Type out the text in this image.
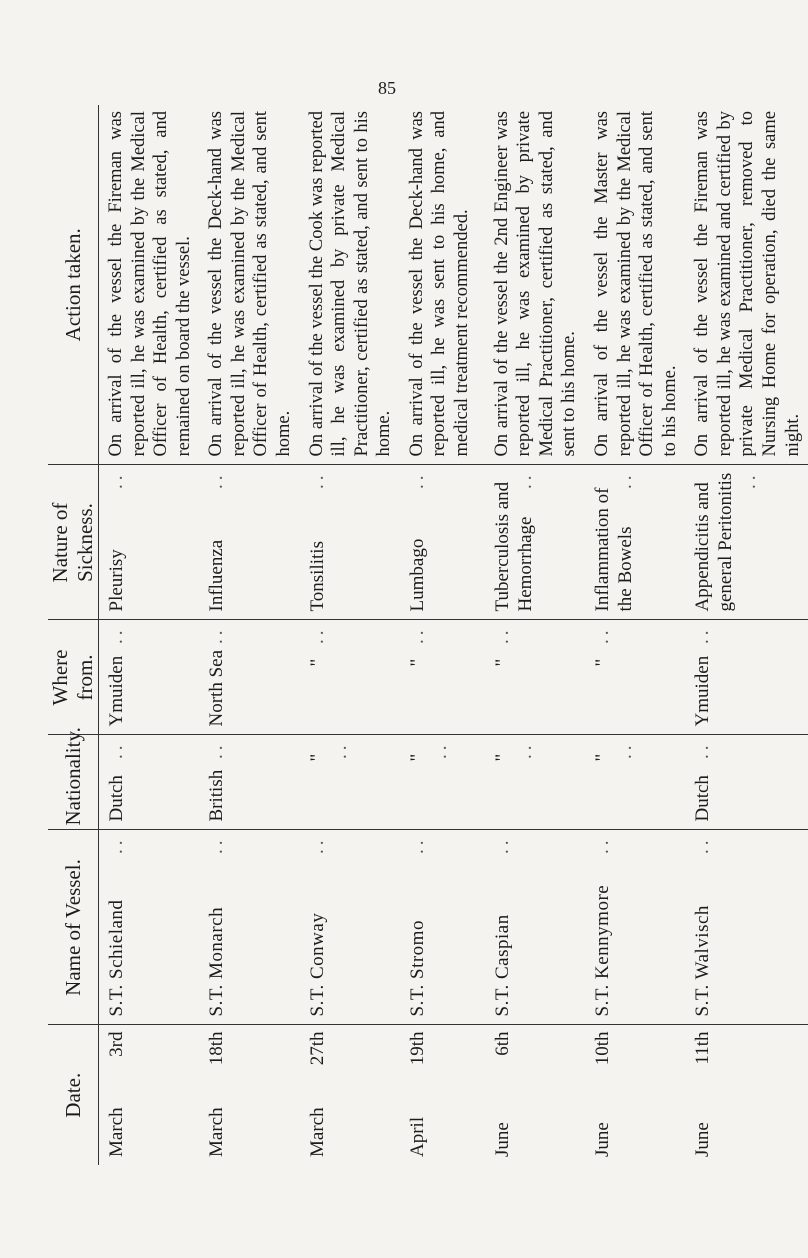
85
Date.	Name of Vessel.	Nationality.	Where from.	Nature of Sickness.	Action taken.

March
3rd	S.T. Schieland
..	Dutch
..	Ymuiden
..	Pleurisy
..	On arrival of the vessel the Fireman was reported ill, he was examined by the Medical Officer of Health, certified as stated, and remained on board the vessel.

March
18th	S.T. Monarch
..	British
..	North Sea
..	Influenza
..	On arrival of the vessel the Deck-hand was reported ill, he was examined by the Medical Officer of Health, certified as stated, and sent home.

March
27th	S.T. Conway
..	" ..	"
..	Tonsilitis
..	On arrival of the vessel the Cook was reported ill, he was examined by private Medical Practitioner, certified as stated, and sent to his home.

April
19th	S.T. Stromo
..	" ..	"
..	Lumbago
..	On arrival of the vessel the Deck-hand was reported ill, he was sent to his home, and medical treatment recommended.

June
6th	S.T. Caspian
..	" ..	"
..	Tuberculosis and Hemorrhage
..	On arrival of the vessel the 2nd Engineer was reported ill, he was examined by private Medical Practitioner, certified as stated, and sent to his home.

June
10th	S.T. Kennymore
..	" ..	"
..	Inflammation of the Bowels
..	On arrival of the vessel the Master was reported ill, he was examined by the Medical Officer of Health, certified as stated, and sent to his home.

June
11th	S.T. Walvisch
..	Dutch
..	Ymuiden
..	Appendicitis and general Peritonitis ..	On arrival of the vessel the Fireman was reported ill, he was examined and certified by private Medical Practitioner, removed to Nursing Home for operation, died the same night.
